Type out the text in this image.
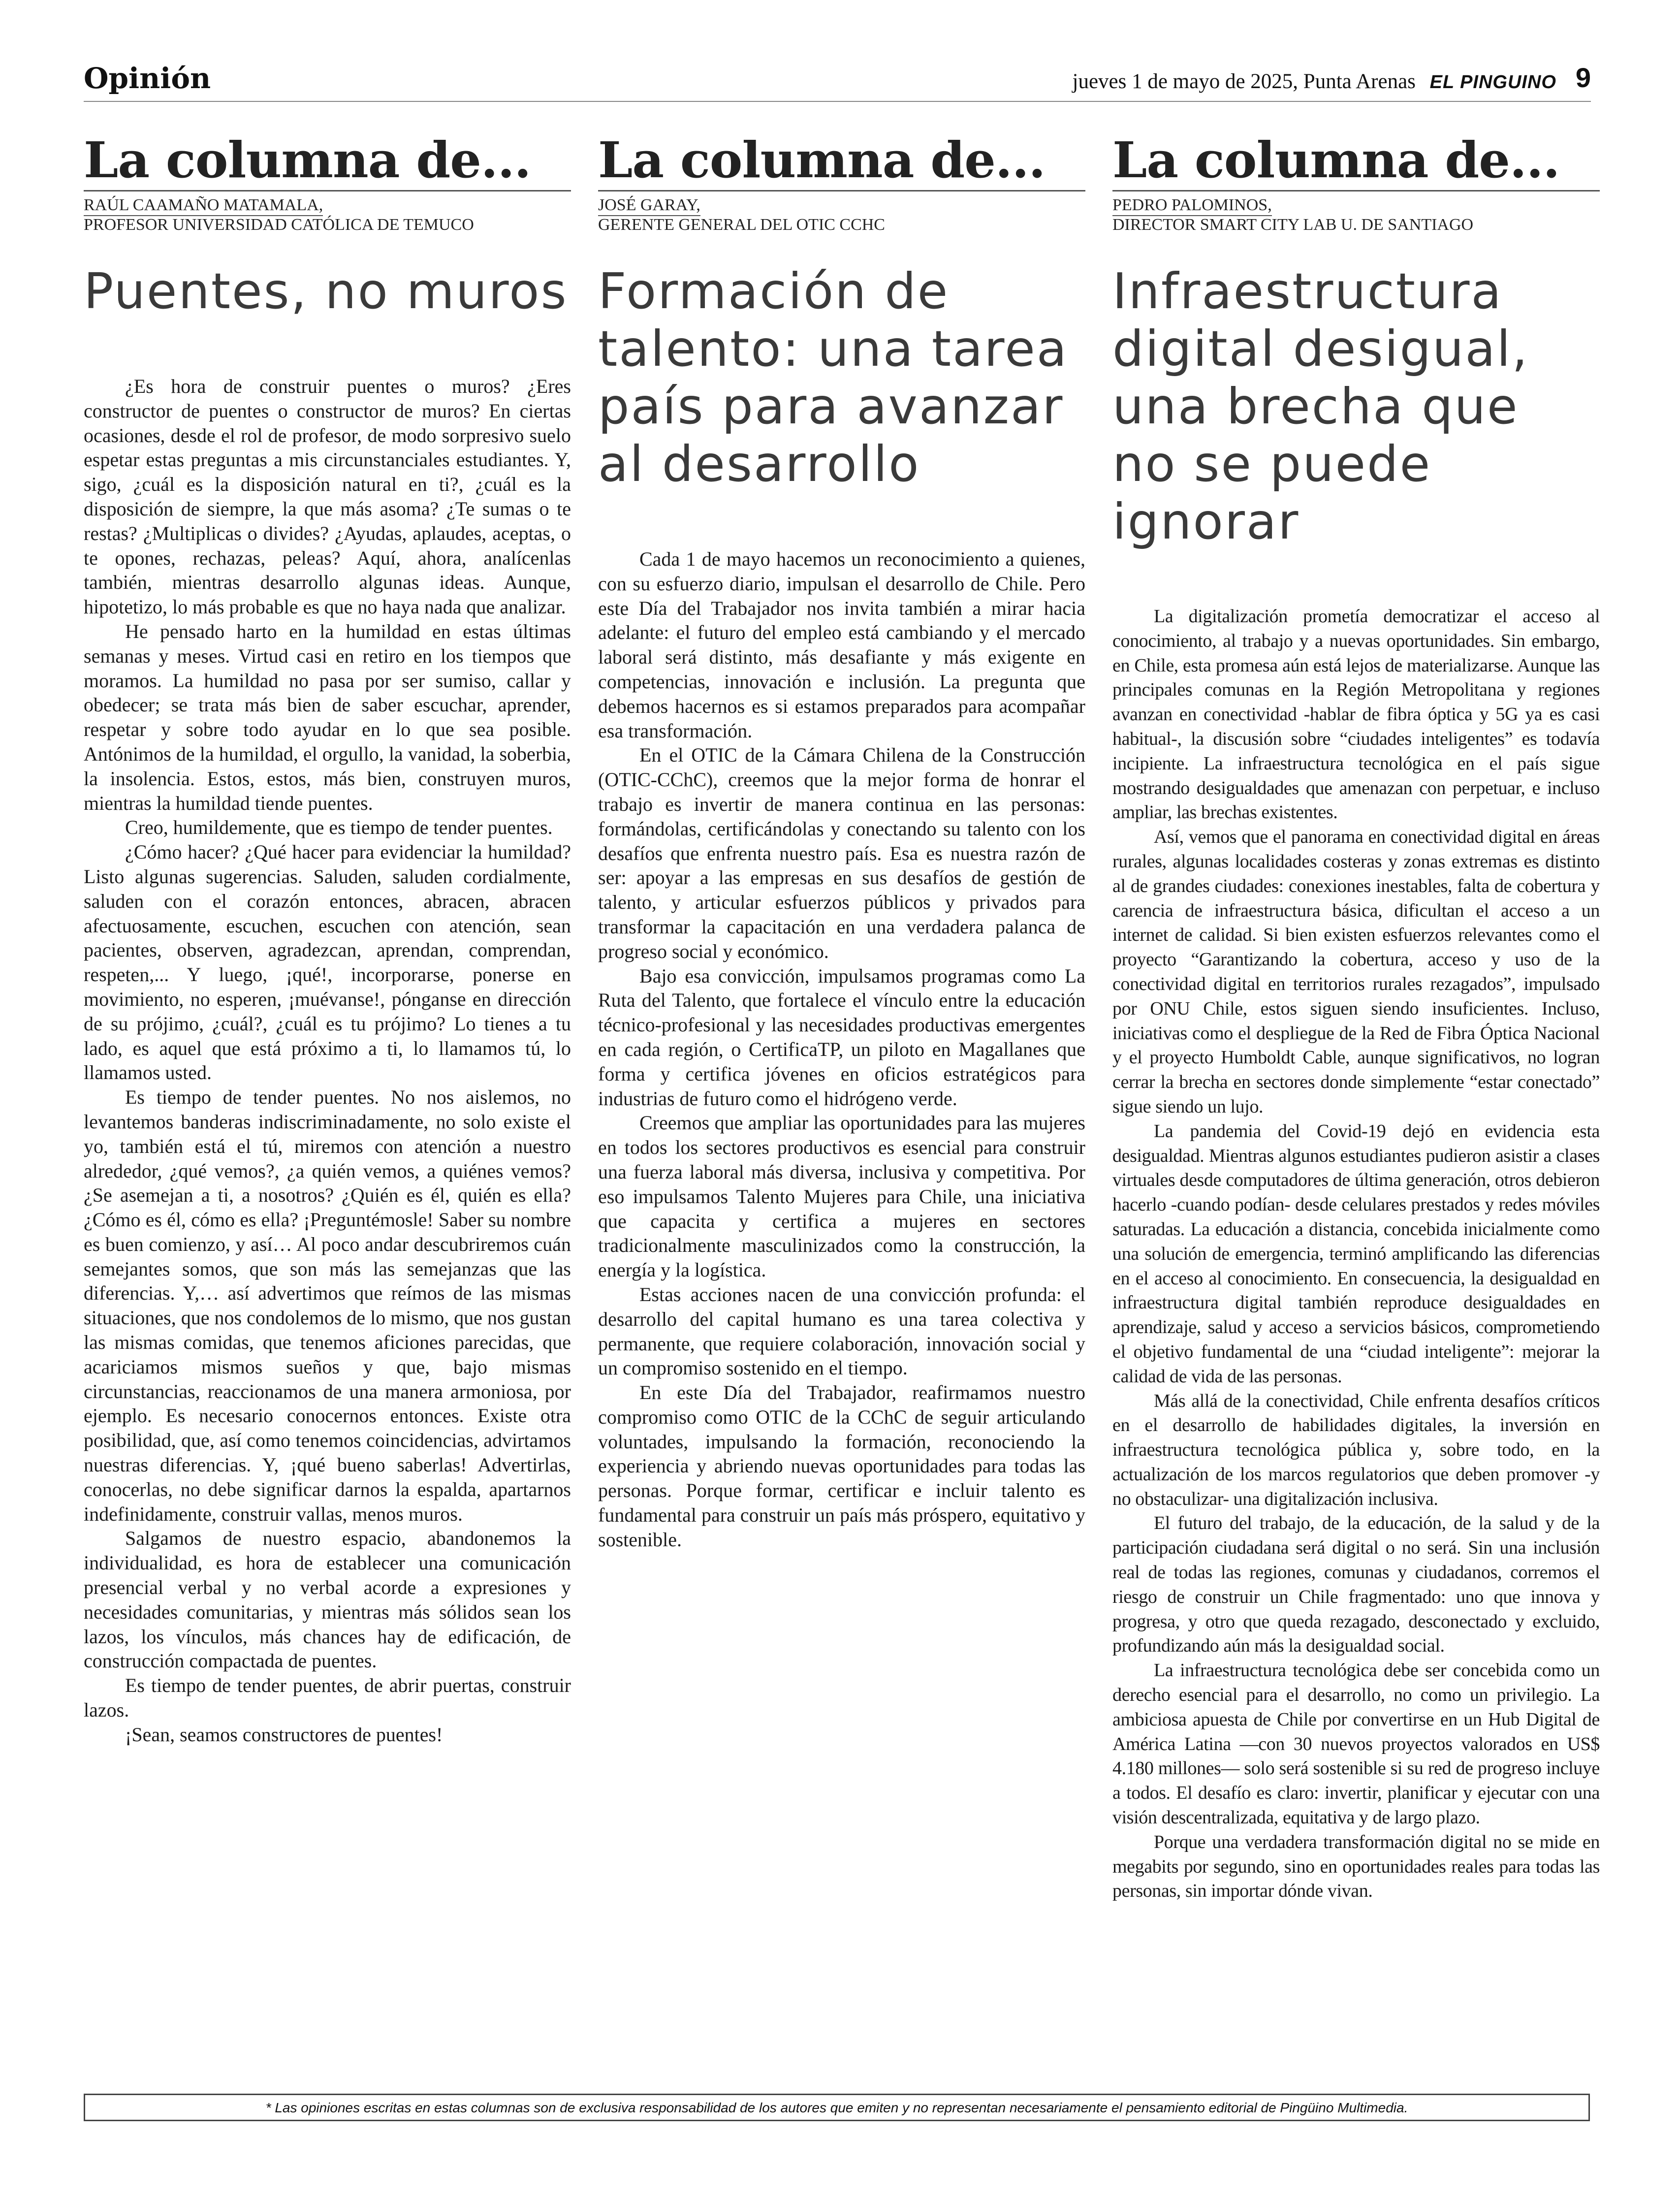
Opinión	jueves 1 de mayo de 2025, Punta Arenas EL PINGUINO 9
La columna de...
RAÚL CAAMAÑO MATAMALA,
PROFESOR UNIVERSIDAD CATÓLICA DE TEMUCO
Puentes, no muros

¿Es hora de construir puentes o muros? ¿Eres constructor de puentes o constructor de muros? En ciertas ocasiones, desde el rol de profesor, de modo sorpresivo suelo espetar estas preguntas a mis circunstanciales estudiantes. Y, sigo, ¿cuál es la disposición natural en ti?, ¿cuál es la disposición de siempre, la que más asoma? ¿Te sumas o te restas? ¿Multiplicas o divides? ¿Ayudas, aplaudes, aceptas, o te opones, rechazas, peleas? Aquí, ahora, analícenlas también, mientras desarrollo algunas ideas. Aunque, hipotetizo, lo más probable es que no haya nada que analizar.

He pensado harto en la humildad en estas últimas semanas y meses. Virtud casi en retiro en los tiempos que moramos. La humildad no pasa por ser sumiso, callar y obedecer; se trata más bien de saber escuchar, aprender, respetar y sobre todo ayudar en lo que sea posible. Antónimos de la humildad, el orgullo, la vanidad, la soberbia, la insolencia. Estos, estos, más bien, construyen muros, mientras la humildad tiende puentes.

Creo, humildemente, que es tiempo de tender puentes.

¿Cómo hacer? ¿Qué hacer para evidenciar la humildad? Listo algunas sugerencias. Saluden, saluden cordialmente, saluden con el corazón entonces, abracen, abracen afectuosamente, escuchen, escuchen con atención, sean pacientes, observen, agradezcan, aprendan, comprendan, respeten,... Y luego, ¡qué!, incorporarse, ponerse en movimiento, no esperen, ¡muévanse!, pónganse en dirección de su prójimo, ¿cuál?, ¿cuál es tu prójimo? Lo tienes a tu lado, es aquel que está próximo a ti, lo llamamos tú, lo llamamos usted.

Es tiempo de tender puentes. No nos aislemos, no levantemos banderas indiscriminadamente, no solo existe el yo, también está el tú, miremos con atención a nuestro alrededor, ¿qué vemos?, ¿a quién vemos, a quiénes vemos? ¿Se asemejan a ti, a nosotros? ¿Quién es él, quién es ella? ¿Cómo es él, cómo es ella? ¡Preguntémosle! Saber su nombre es buen comienzo, y así… Al poco andar descubriremos cuán semejantes somos, que son más las semejanzas que las diferencias. Y,… así advertimos que reímos de las mismas situaciones, que nos condolemos de lo mismo, que nos gustan las mismas comidas, que tenemos aficiones parecidas, que acariciamos mismos sueños y que, bajo mismas circunstancias, reaccionamos de una manera armoniosa, por ejemplo. Es necesario conocernos entonces. Existe otra posibilidad, que, así como tenemos coincidencias, advirtamos nuestras diferencias. Y, ¡qué bueno saberlas! Advertirlas, conocerlas, no debe significar darnos la espalda, apartarnos indefinidamente, construir vallas, menos muros.

Salgamos de nuestro espacio, abandonemos la individualidad, es hora de establecer una comunicación presencial verbal y no verbal acorde a expresiones y necesidades comunitarias, y mientras más sólidos sean los lazos, los vínculos, más chances hay de edificación, de construcción compactada de puentes.

Es tiempo de tender puentes, de abrir puertas, construir lazos.

¡Sean, seamos constructores de puentes!

La columna de...
JOSÉ GARAY,
GERENTE GENERAL DEL OTIC CCHC
Formación de talento: una tarea país para avanzar al desarrollo

Cada 1 de mayo hacemos un reconocimiento a quienes, con su esfuerzo diario, impulsan el desarrollo de Chile. Pero este Día del Trabajador nos invita también a mirar hacia adelante: el futuro del empleo está cambiando y el mercado laboral será distinto, más desafiante y más exigente en competencias, innovación e inclusión. La pregunta que debemos hacernos es si estamos preparados para acompañar esa transformación.

En el OTIC de la Cámara Chilena de la Construcción (OTIC-CChC), creemos que la mejor forma de honrar el trabajo es invertir de manera continua en las personas: formándolas, certificándolas y conectando su talento con los desafíos que enfrenta nuestro país. Esa es nuestra razón de ser: apoyar a las empresas en sus desafíos de gestión de talento, y articular esfuerzos públicos y privados para transformar la capacitación en una verdadera palanca de progreso social y económico.

Bajo esa convicción, impulsamos programas como La Ruta del Talento, que fortalece el vínculo entre la educación técnico-profesional y las necesidades productivas emergentes en cada región, o CertificaTP, un piloto en Magallanes que forma y certifica jóvenes en oficios estratégicos para industrias de futuro como el hidrógeno verde.

Creemos que ampliar las oportunidades para las mujeres en todos los sectores productivos es esencial para construir una fuerza laboral más diversa, inclusiva y competitiva. Por eso impulsamos Talento Mujeres para Chile, una iniciativa que capacita y certifica a mujeres en sectores tradicionalmente masculinizados como la construcción, la energía y la logística.

Estas acciones nacen de una convicción profunda: el desarrollo del capital humano es una tarea colectiva y permanente, que requiere colaboración, innovación social y un compromiso sostenido en el tiempo.

En este Día del Trabajador, reafirmamos nuestro compromiso como OTIC de la CChC de seguir articulando voluntades, impulsando la formación, reconociendo la experiencia y abriendo nuevas oportunidades para todas las personas. Porque formar, certificar e incluir talento es fundamental para construir un país más próspero, equitativo y sostenible.

La columna de...
PEDRO PALOMINOS,
DIRECTOR SMART CITY LAB U. DE SANTIAGO
Infraestructura digital desigual, una brecha que no se puede ignorar

La digitalización prometía democratizar el acceso al conocimiento, al trabajo y a nuevas oportunidades. Sin embargo, en Chile, esta promesa aún está lejos de materializarse. Aunque las principales comunas en la Región Metropolitana y regiones avanzan en conectividad -hablar de fibra óptica y 5G ya es casi habitual-, la discusión sobre “ciudades inteligentes” es todavía incipiente. La infraestructura tecnológica en el país sigue mostrando desigualdades que amenazan con perpetuar, e incluso ampliar, las brechas existentes.

Así, vemos que el panorama en conectividad digital en áreas rurales, algunas localidades costeras y zonas extremas es distinto al de grandes ciudades: conexiones inestables, falta de cobertura y carencia de infraestructura básica, dificultan el acceso a un internet de calidad. Si bien existen esfuerzos relevantes como el proyecto “Garantizando la cobertura, acceso y uso de la conectividad digital en territorios rurales rezagados”, impulsado por ONU Chile, estos siguen siendo insuficientes. Incluso, iniciativas como el despliegue de la Red de Fibra Óptica Nacional y el proyecto Humboldt Cable, aunque significativos, no logran cerrar la brecha en sectores donde simplemente “estar conectado” sigue siendo un lujo.

La pandemia del Covid-19 dejó en evidencia esta desigualdad. Mientras algunos estudiantes pudieron asistir a clases virtuales desde computadores de última generación, otros debieron hacerlo -cuando podían- desde celulares prestados y redes móviles saturadas. La educación a distancia, concebida inicialmente como una solución de emergencia, terminó amplificando las diferencias en el acceso al conocimiento. En consecuencia, la desigualdad en infraestructura digital también reproduce desigualdades en aprendizaje, salud y acceso a servicios básicos, comprometiendo el objetivo fundamental de una “ciudad inteligente”: mejorar la calidad de vida de las personas.

Más allá de la conectividad, Chile enfrenta desafíos críticos en el desarrollo de habilidades digitales, la inversión en infraestructura tecnológica pública y, sobre todo, en la actualización de los marcos regulatorios que deben promover -y no obstaculizar- una digitalización inclusiva.

El futuro del trabajo, de la educación, de la salud y de la participación ciudadana será digital o no será. Sin una inclusión real de todas las regiones, comunas y ciudadanos, corremos el riesgo de construir un Chile fragmentado: uno que innova y progresa, y otro que queda rezagado, desconectado y excluido, profundizando aún más la desigualdad social.

La infraestructura tecnológica debe ser concebida como un derecho esencial para el desarrollo, no como un privilegio. La ambiciosa apuesta de Chile por convertirse en un Hub Digital de América Latina —con 30 nuevos proyectos valorados en US$ 4.180 millones— solo será sostenible si su red de progreso incluye a todos. El desafío es claro: invertir, planificar y ejecutar con una visión descentralizada, equitativa y de largo plazo.

Porque una verdadera transformación digital no se mide en megabits por segundo, sino en oportunidades reales para todas las personas, sin importar dónde vivan.

* Las opiniones escritas en estas columnas son de exclusiva responsabilidad de los autores que emiten y no representan necesariamente el pensamiento editorial de Pingüino Multimedia.
